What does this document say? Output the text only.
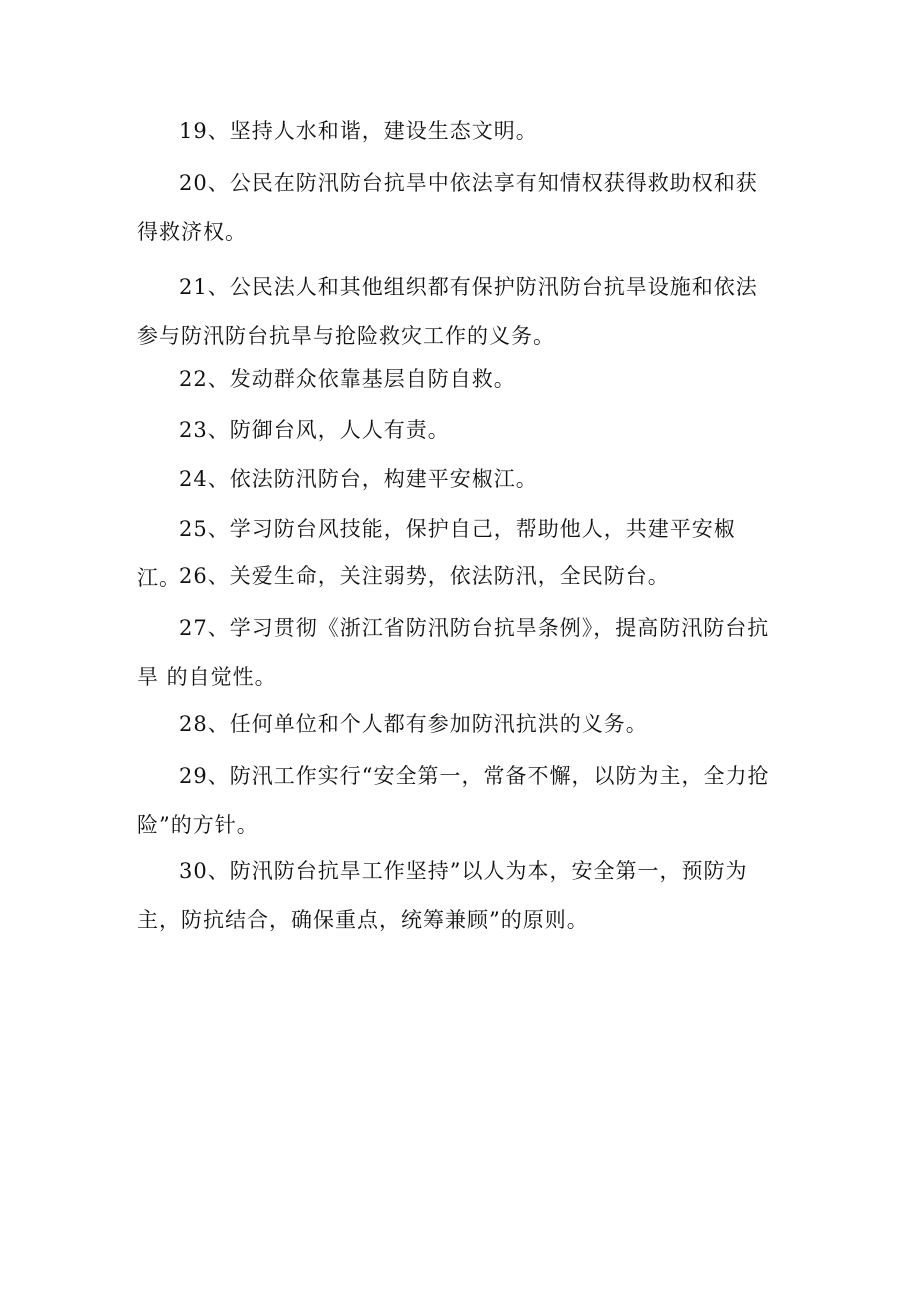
19、坚持人水和谐，建设生态文明。

20、公民在防汛防台抗旱中依法享有知情权获得救助权和获得救济权。

21、公民法人和其他组织都有保护防汛防台抗旱设施和依法参与防汛防台抗旱与抢险救灾工作的义务。

22、发动群众依靠基层自防自救。

23、防御台风，人人有责。

24、依法防汛防台，构建平安椒江。

25、学习防台风技能，保护自己，帮助他人，共建平安椒江。

26、关爱生命，关注弱势，依法防汛，全民防台。

27、学习贯彻《浙江省防汛防台抗旱条例》，提高防汛防台抗旱 的自觉性。

28、任何单位和个人都有参加防汛抗洪的义务。

29、防汛工作实行“安全第一，常备不懈，以防为主，全力抢险”的方针。

30、防汛防台抗旱工作坚持”以人为本，安全第一，预防为主，防抗结合，确保重点，统筹兼顾”的原则。
